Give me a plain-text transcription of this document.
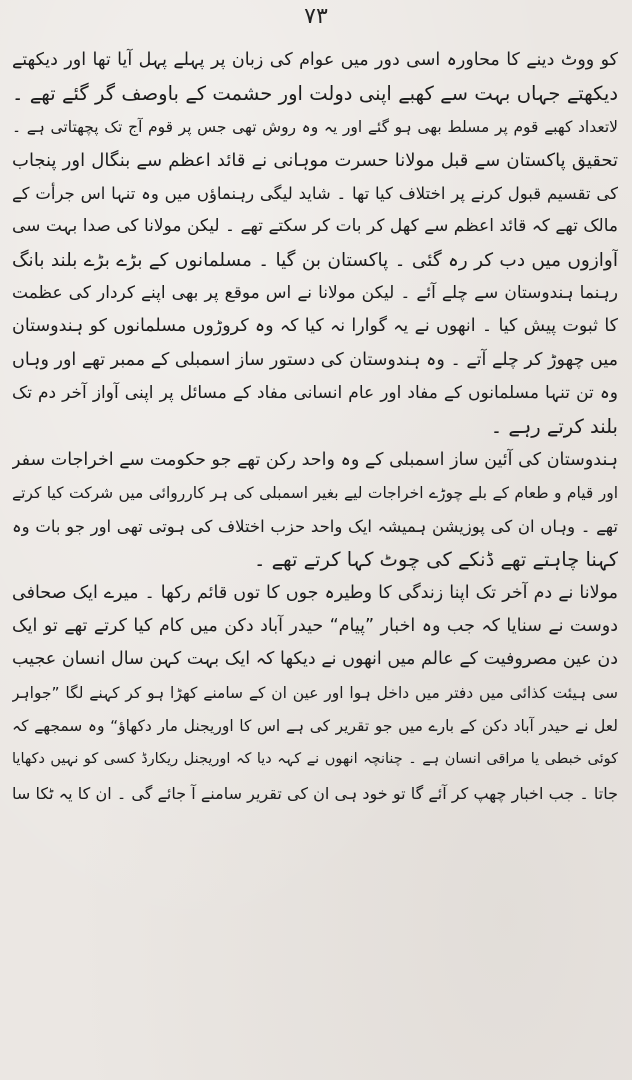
۷۳
کو ووٹ دینے کا محاورہ اسی دور میں عوام کی زبان پر پہلے پہل آیا تھا اور دیکھتے
دیکھتے جہاں بہت سے کھبے اپنی دولت اور حشمت کے باوصف گر گئے تھے ۔
لاتعداد کھبے قوم پر مسلط بھی ہو گئے اور یہ وہ روش تھی جس پر قوم آج تک پچھتاتی ہے ۔
تحقیق پاکستان سے قبل مولانا حسرت موہانی نے قائد اعظم سے بنگال اور پنجاب
کی تقسیم قبول کرنے پر اختلاف کیا تھا ۔ شاید لیگی رہنماؤں میں وہ تنہا اس جرأت کے
مالک تھے کہ قائد اعظم سے کھل کر بات کر سکتے تھے ۔ لیکن مولانا کی صدا بہت سی
آوازوں میں دب کر رہ گئی ۔ پاکستان بن گیا ۔ مسلمانوں کے بڑے بڑے بلند بانگ
رہنما ہندوستان سے چلے آئے ۔ لیکن مولانا نے اس موقع پر بھی اپنے کردار کی عظمت
کا ثبوت پیش کیا ۔ انھوں نے یہ گوارا نہ کیا کہ وہ کروڑوں مسلمانوں کو ہندوستان
میں چھوڑ کر چلے آتے ۔ وہ ہندوستان کی دستور ساز اسمبلی کے ممبر تھے اور وہاں
وہ تن تنہا مسلمانوں کے مفاد اور عام انسانی مفاد کے مسائل پر اپنی آواز آخر دم تک
بلند کرتے رہے ۔
ہندوستان کی آئین ساز اسمبلی کے وہ واحد رکن تھے جو حکومت سے اخراجات سفر
اور قیام و طعام کے بلے چوڑے اخراجات لیے بغیر اسمبلی کی ہر کارروائی میں شرکت کیا کرتے
تھے ۔ وہاں ان کی پوزیشن ہمیشہ ایک واحد حزب اختلاف کی ہوتی تھی اور جو بات وہ
کہنا چاہتے تھے ڈنکے کی چوٹ کہا کرتے تھے ۔
مولانا نے دم آخر تک اپنا زندگی کا وطیرہ جوں کا توں قائم رکھا ۔ میرے ایک صحافی
دوست نے سنایا کہ جب وہ اخبار ”پیام“ حیدر آباد دکن میں کام کیا کرتے تھے تو ایک
دن عین مصروفیت کے عالم میں انھوں نے دیکھا کہ ایک بہت کہن سال انسان عجیب
سی ہیئت کذائی میں دفتر میں داخل ہوا اور عین ان کے سامنے کھڑا ہو کر کہنے لگا ”جواہر
لعل نے حیدر آباد دکن کے بارے میں جو تقریر کی ہے اس کا اوریجنل مار دکھاؤ“ وہ سمجھے کہ
کوئی خبطی یا مراقی انسان ہے ۔ چنانچہ انھوں نے کہہ دیا کہ اوریجنل ریکارڈ کسی کو نہیں دکھایا
جاتا ۔ جب اخبار چھپ کر آئے گا تو خود ہی ان کی تقریر سامنے آ جائے گی ۔ ان کا یہ ٹکا سا
